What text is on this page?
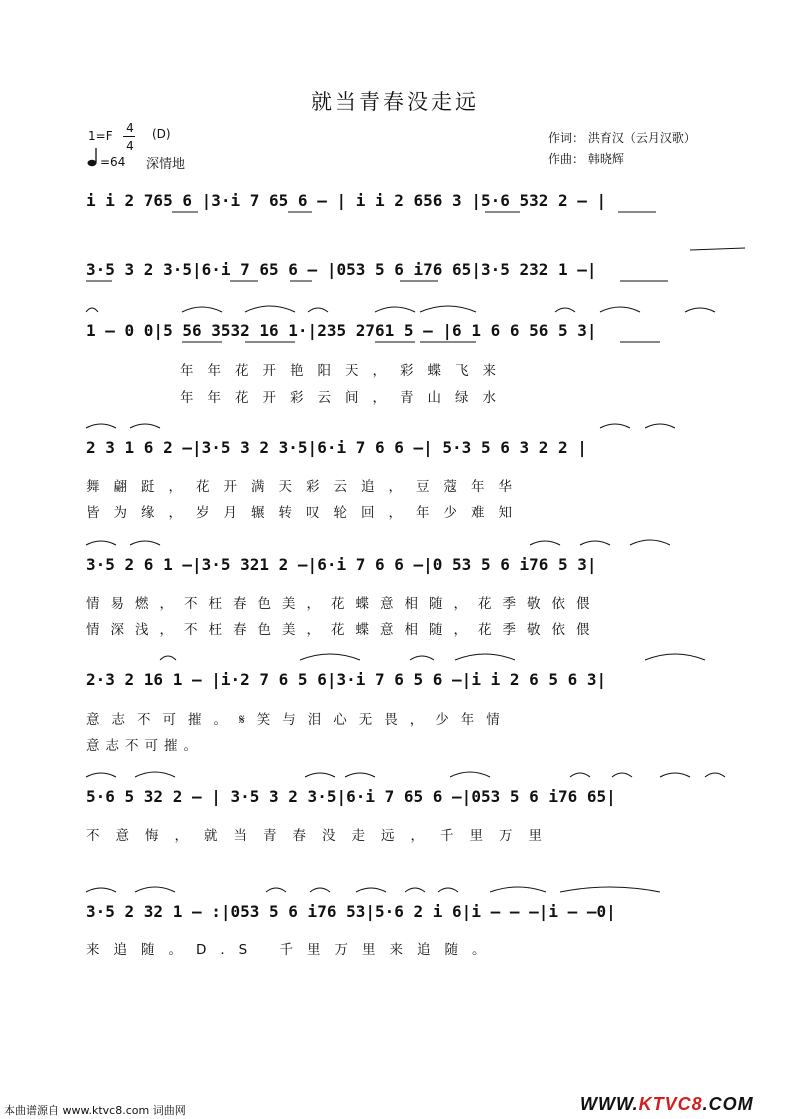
就当青春没走远
1=F
4
4
(D)
=64 深情地
作词： 洪育汉（云月汉歌）
作曲： 韩晓辉
i i 2 765 6 |3·i 7 65 6 – | i i 2 656 3 |5·6 532 2 – |
3·5 3 2 3·5|6·i 7 65 6 – |053 5 6 i76 65|3·5 232 1 –|
1 – 0 0|5 56 3532 16 1·|235 2761 5 – |6 1 6 6 56 5 3|
年年花开艳阳天，彩蝶飞来
年年花开彩云间，青山绿水
2 3 1 6 2 –|3·5 3 2 3·5|6·i 7 6 6 –| 5·3 5 6 3 2 2 |
舞翩跹，花开满天彩云追，豆蔻年华
皆为缘，岁月辗转叹轮回，年少难知
3·5 2 6 1 –|3·5 321 2 –|6·i 7 6 6 –|0 53 5 6 i76 5 3|
情易燃，不枉春色美，花蝶意相随，花季敬依偎
情深浅，不枉春色美，花蝶意相随，花季敬依偎
2·3 2 16 1 – |i·2 7 6 5 6|3·i 7 6 5 6 –|i i 2 6 5 6 3|
意志不可摧。𝄋笑与泪心无畏，少年情
意志不可摧。
5·6 5 32 2 – | 3·5 3 2 3·5|6·i 7 65 6 –|053 5 6 i76 65|
不意悔，就当青春没走远，千里万里
3·5 2 32 1 – :|053 5 6 i76 53|5·6 2 i 6|i – – –|i – –0|
来追随。D.S 千里万里来追随。
本曲谱源自 www.ktvc8.com 词曲网	WWW.KTVC8.COM
